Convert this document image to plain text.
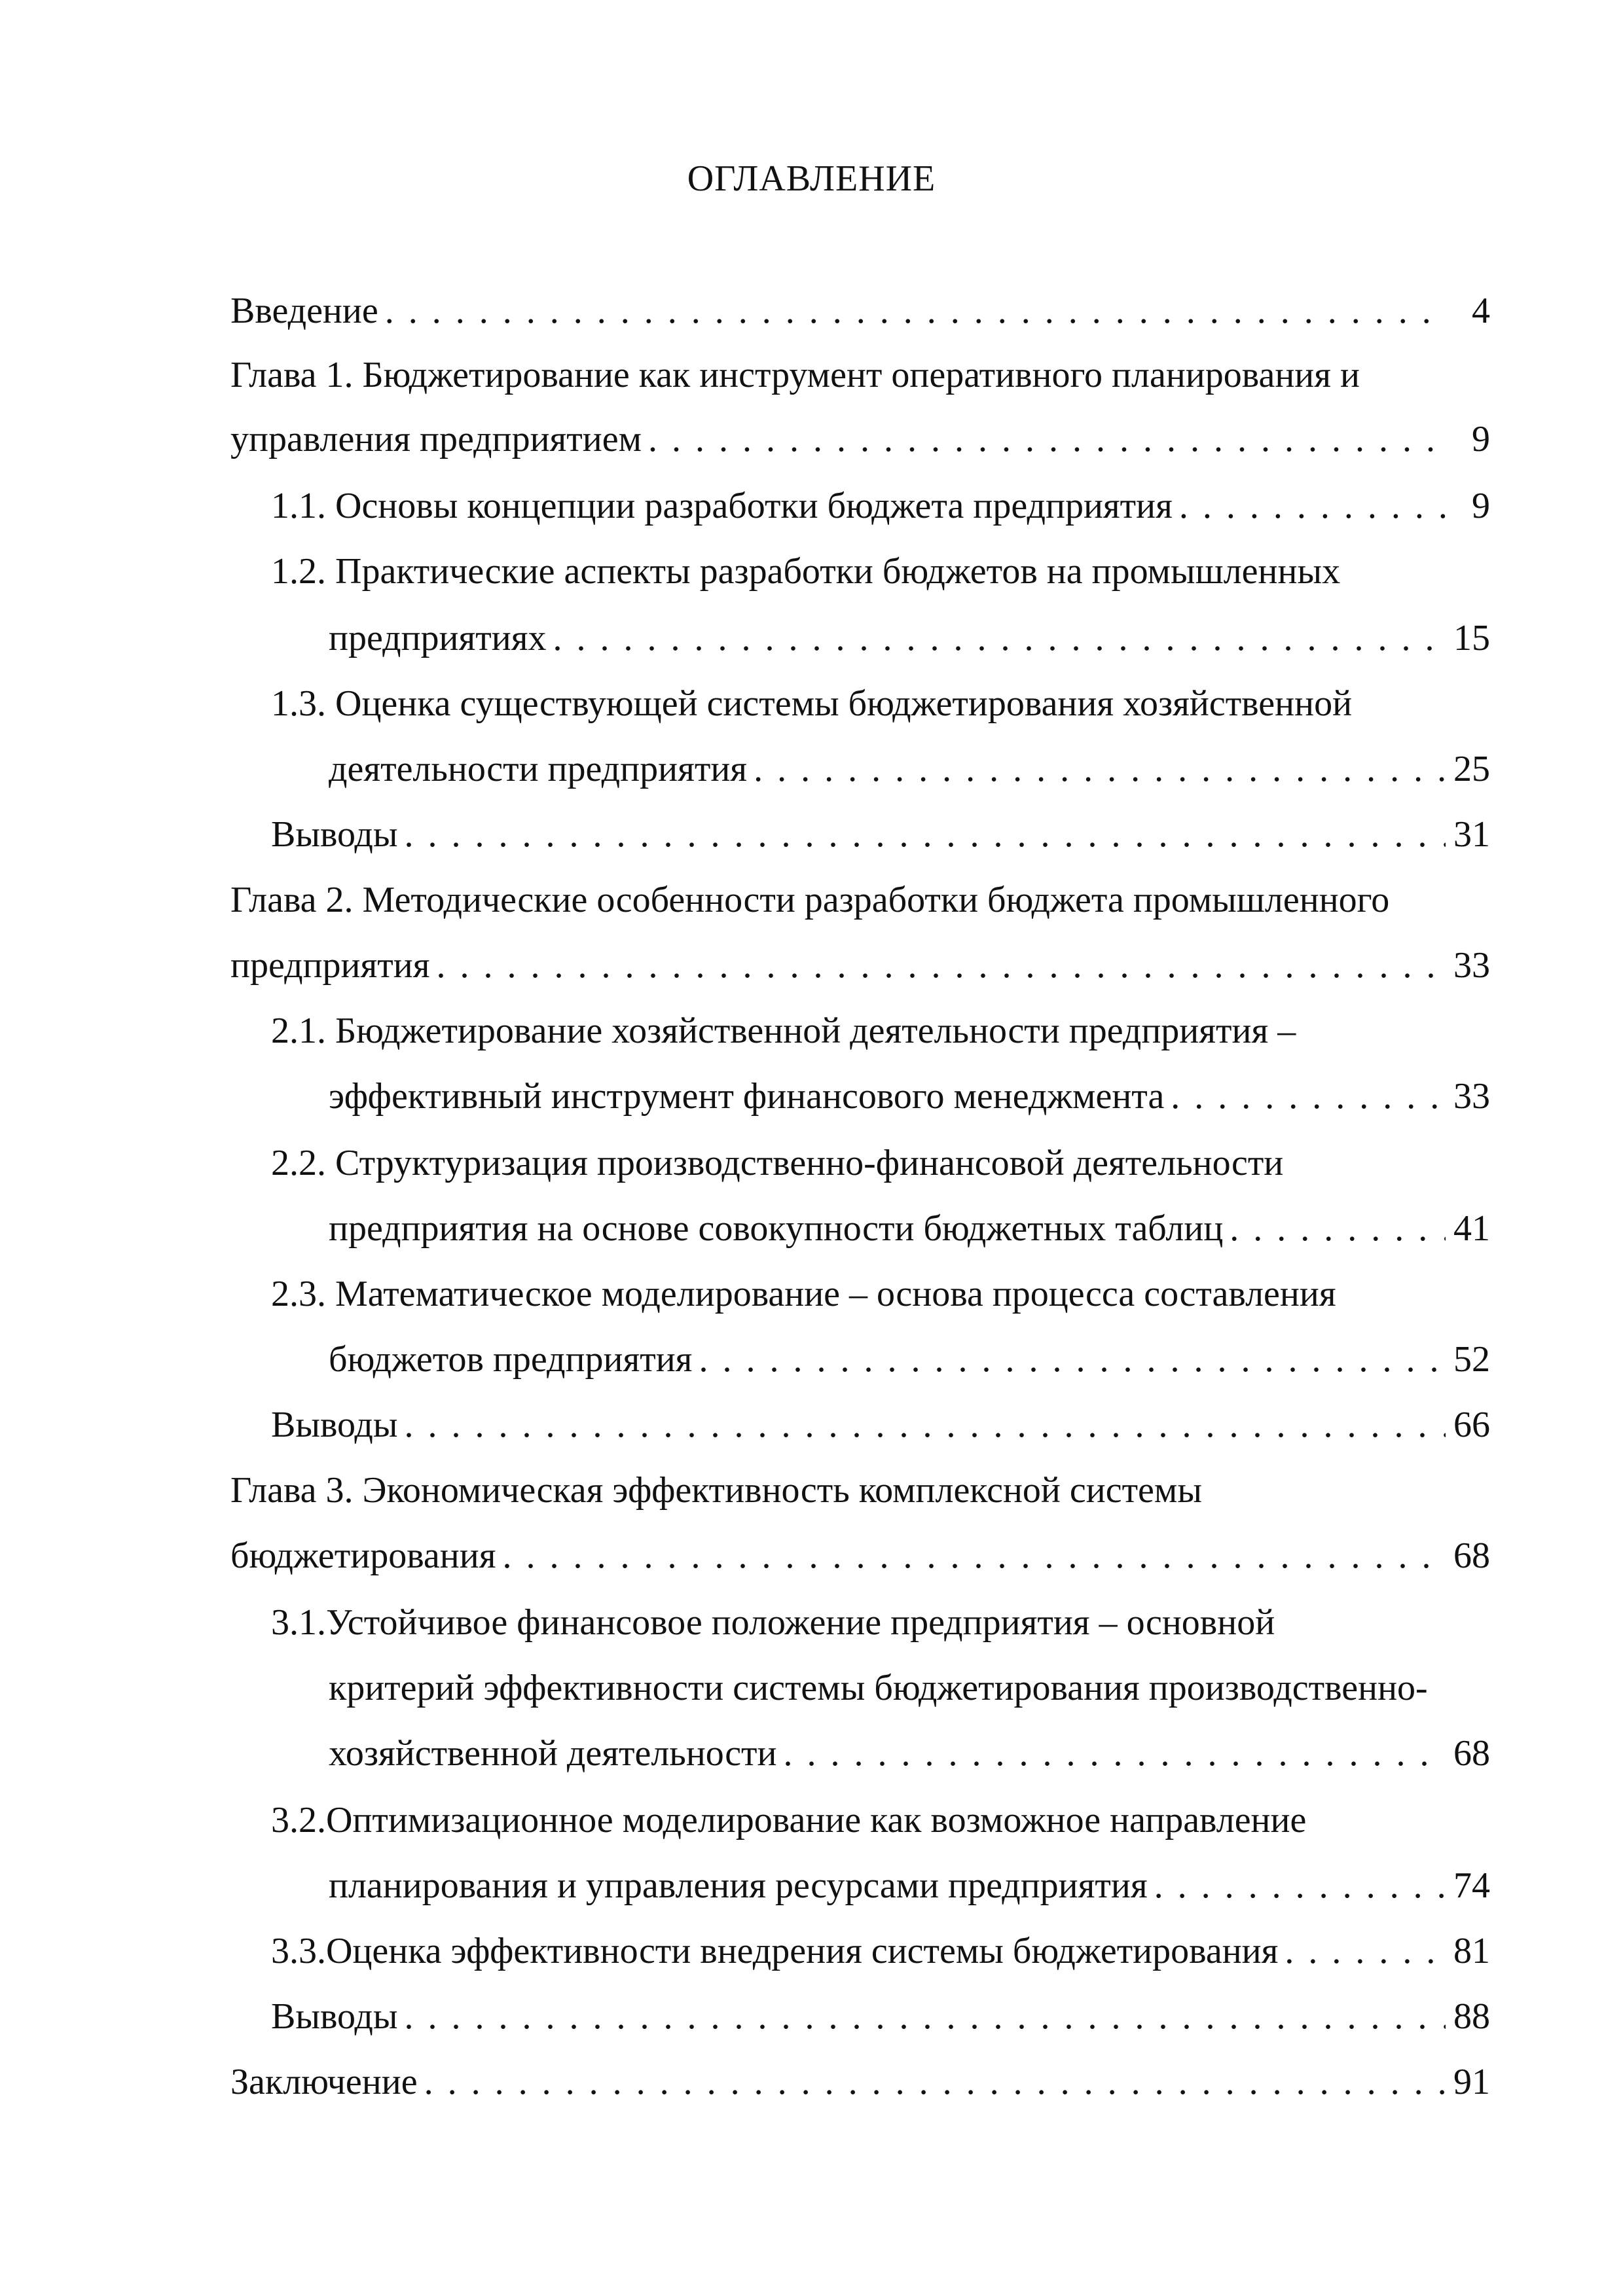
ОГЛАВЛЕНИЕ
Введение . . .	4
Глава 1. Бюджетирование как инструмент оперативного планирования и
управления предприятием . . .	9
1.1. Основы концепции разработки бюджета предприятия . . .	9
1.2. Практические аспекты разработки бюджетов на промышленных
предприятиях . . .	15
1.3. Оценка существующей системы бюджетирования хозяйственной
деятельности предприятия . . .	25
Выводы . . .	31
Глава 2. Методические особенности разработки бюджета промышленного
предприятия . . .	33
2.1. Бюджетирование хозяйственной деятельности предприятия –
эффективный инструмент финансового менеджмента . . .	33
2.2. Структуризация производственно-финансовой деятельности
предприятия на основе совокупности бюджетных таблиц . . .	41
2.3. Математическое моделирование – основа процесса составления
бюджетов предприятия . . .	52
Выводы . . .	66
Глава 3. Экономическая эффективность комплексной системы
бюджетирования . . .	68
3.1.Устойчивое финансовое положение предприятия – основной
критерий эффективности системы бюджетирования производственно-
хозяйственной деятельности . . .	68
3.2.Оптимизационное моделирование как возможное направление
планирования и управления ресурсами предприятия . . .	74
3.3.Оценка эффективности внедрения системы бюджетирования . . .	81
Выводы . . .	88
Заключение . . .	91
